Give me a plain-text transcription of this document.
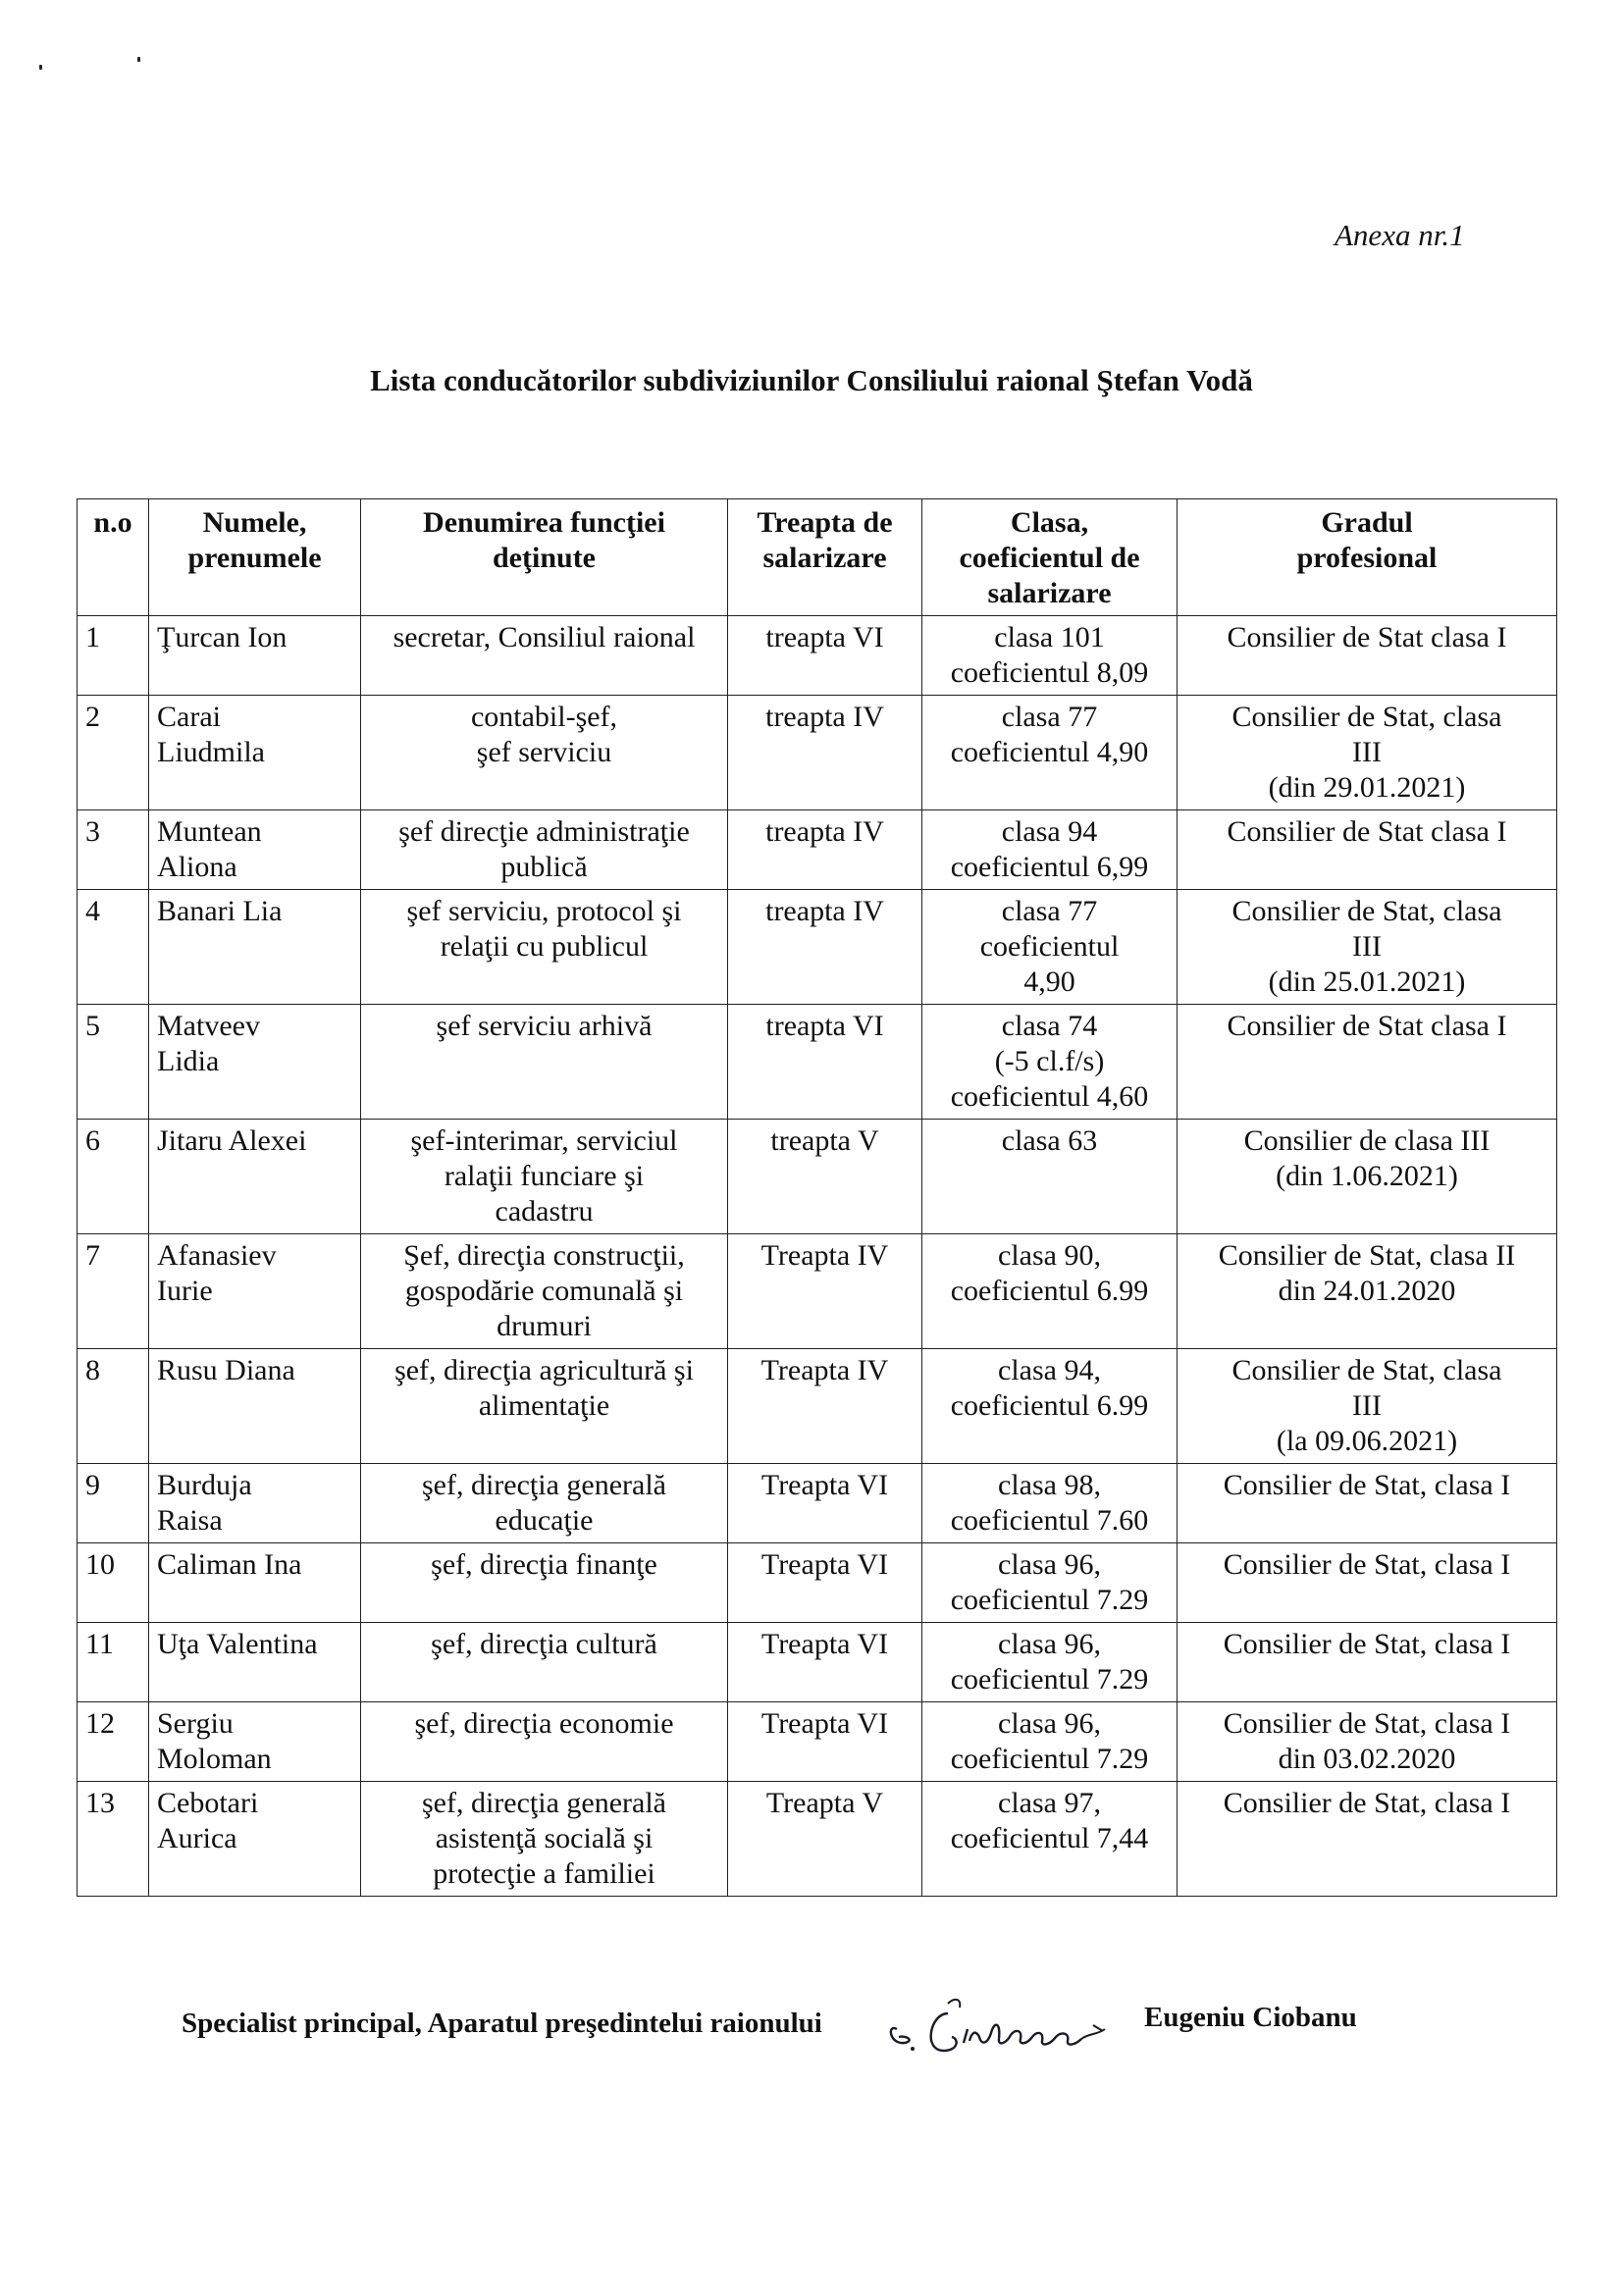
Anexa nr.1
Lista conducătorilor subdiviziunilor Consiliului raional Ştefan Vodă
n.o	Numele,
prenumele	Denumirea funcţiei
deţinute	Treapta de
salarizare	Clasa,
coeficientul de
salarizare	Gradul
profesional

1	Ţurcan Ion	secretar, Consiliul raional	treapta VI	clasa 101
coeficientul 8,09	Consilier de Stat clasa I

2	Carai
Liudmila	contabil-şef,
şef serviciu	treapta IV	clasa 77
coeficientul 4,90	Consilier de Stat, clasa
III
(din 29.01.2021)

3	Muntean
Aliona	şef direcţie administraţie
publică	treapta IV	clasa 94
coeficientul 6,99	Consilier de Stat clasa I

4	Banari Lia	şef serviciu, protocol şi
relaţii cu publicul	treapta IV	clasa 77
coeficientul
4,90	Consilier de Stat, clasa
III
(din 25.01.2021)

5	Matveev
Lidia	şef serviciu arhivă	treapta VI	clasa 74
(-5 cl.f/s)
coeficientul 4,60	Consilier de Stat clasa I

6	Jitaru Alexei	şef-interimar, serviciul
ralaţii funciare şi
cadastru	treapta V	clasa 63	Consilier de clasa III
(din 1.06.2021)

7	Afanasiev
Iurie	Şef, direcţia construcţii,
gospodărie comunală şi
drumuri	Treapta IV	clasa 90,
coeficientul 6.99	Consilier de Stat, clasa II
din 24.01.2020

8	Rusu Diana	şef, direcţia agricultură şi
alimentaţie	Treapta IV	clasa 94,
coeficientul 6.99	Consilier de Stat, clasa
III
(la 09.06.2021)

9	Burduja
Raisa	şef, direcţia generală
educaţie	Treapta VI	clasa 98,
coeficientul 7.60	Consilier de Stat, clasa I

10	Caliman Ina	şef, direcţia finanţe	Treapta VI	clasa 96,
coeficientul 7.29	Consilier de Stat, clasa I

11	Uţa Valentina	şef, direcţia cultură	Treapta VI	clasa 96,
coeficientul 7.29	Consilier de Stat, clasa I

12	Sergiu
Moloman	şef, direcţia economie	Treapta VI	clasa 96,
coeficientul 7.29	Consilier de Stat, clasa I
din 03.02.2020

13	Cebotari
Aurica	şef, direcţia generală
asistenţă socială şi
protecţie a familiei	Treapta V	clasa 97,
coeficientul 7,44	Consilier de Stat, clasa I
Specialist principal, Aparatul preşedintelui raionului	Eugeniu Ciobanu
